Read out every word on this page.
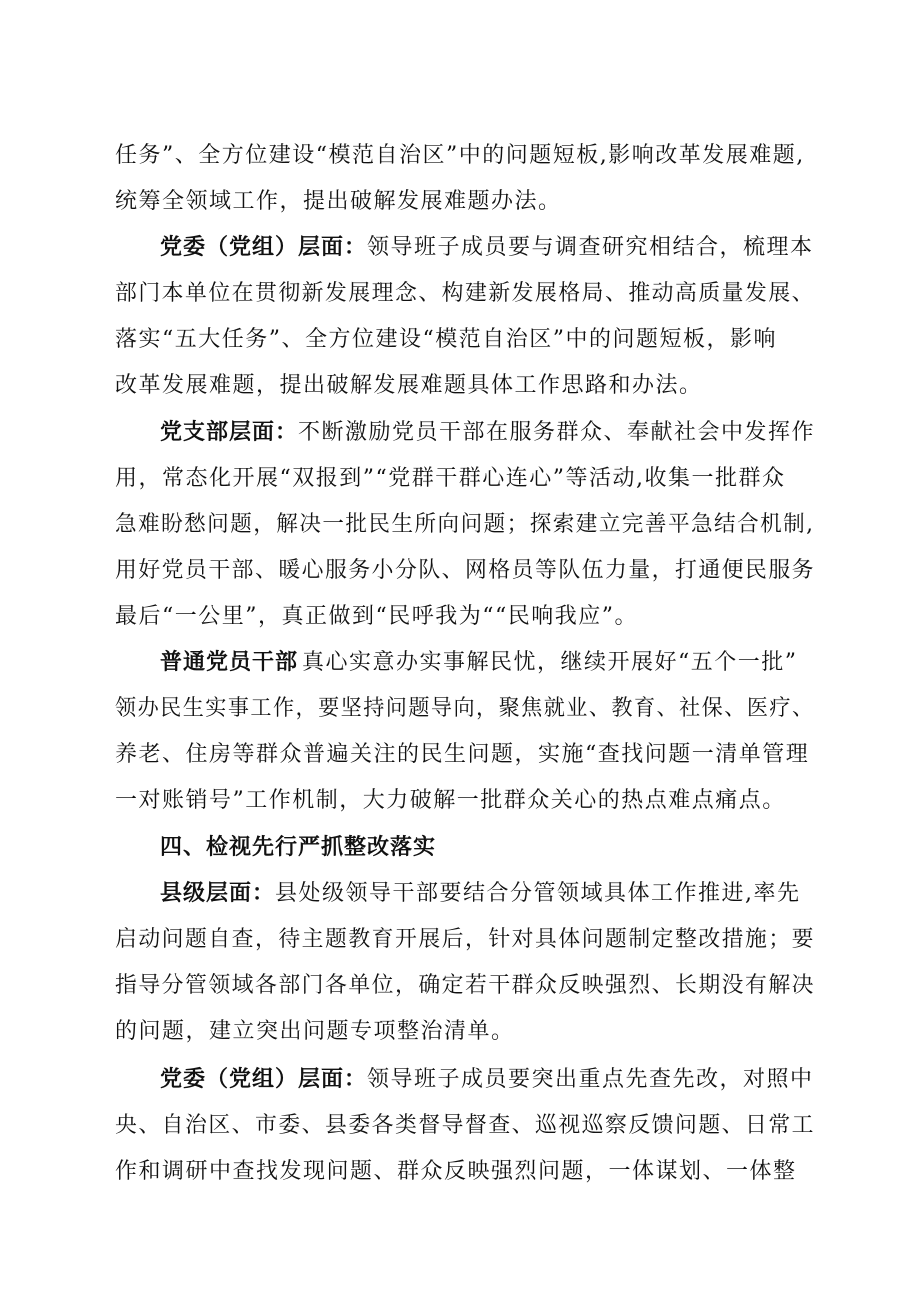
任务”、全方位建设“模范自治区”中的问题短板,影响改革发展难题,
统筹全领域工作，提出破解发展难题办法。
党委（党组）层面：领导班子成员要与调查研究相结合，梳理本
部门本单位在贯彻新发展理念、构建新发展格局、推动高质量发展、
落实“五大任务”、全方位建设“模范自治区”中的问题短板，影响
改革发展难题，提出破解发展难题具体工作思路和办法。
党支部层面：不断激励党员干部在服务群众、奉献社会中发挥作
用，常态化开展“双报到”“党群干群心连心”等活动,收集一批群众
急难盼愁问题，解决一批民生所向问题；探索建立完善平急结合机制,
用好党员干部、暖心服务小分队、网格员等队伍力量，打通便民服务
最后“一公里”，真正做到“民呼我为““民响我应”。
普通党员干部 真心实意办实事解民忧，继续开展好“五个一批”
领办民生实事工作，要坚持问题导向，聚焦就业、教育、社保、医疗、
养老、住房等群众普遍关注的民生问题，实施“查找问题一清单管理
一对账销号”工作机制，大力破解一批群众关心的热点难点痛点。
四、检视先行严抓整改落实
县级层面：县处级领导干部要结合分管领域具体工作推进,率先
启动问题自查，待主题教育开展后，针对具体问题制定整改措施；要
指导分管领域各部门各单位，确定若干群众反映强烈、长期没有解决
的问题，建立突出问题专项整治清单。
党委（党组）层面：领导班子成员要突出重点先查先改，对照中
央、自治区、市委、县委各类督导督查、巡视巡察反馈问题、日常工
作和调研中查找发现问题、群众反映强烈问题，一体谋划、一体整
